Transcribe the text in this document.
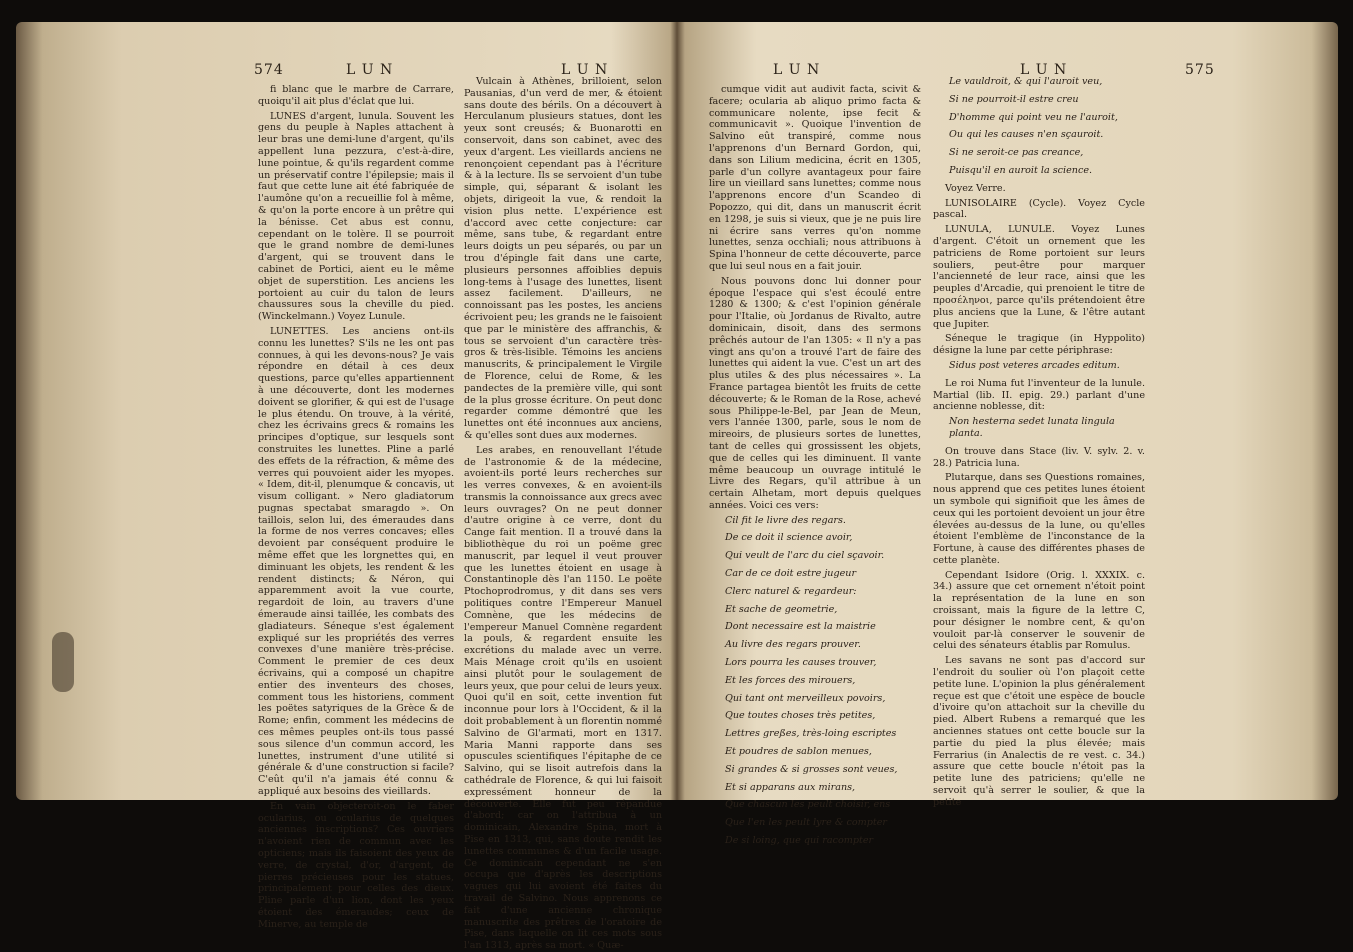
574	L U N	L U N

fi blanc que le marbre de Carrare, quoiqu'il ait plus d'éclat que lui.

LUNES d'argent, lunula. Souvent les gens du peuple à Naples attachent à leur bras une demi-lune d'argent, qu'ils appellent luna pezzura, c'est-à-dire, lune pointue, & qu'ils regardent comme un préservatif contre l'épilepsie; mais il faut que cette lune ait été fabriquée de l'aumône qu'on a recueillie fol à même, & qu'on la porte encore à un prêtre qui la bénisse. Cet abus est connu, cependant on le tolère. Il se pourroit que le grand nombre de demi-lunes d'argent, qui se trouvent dans le cabinet de Portici, aient eu le même objet de superstition. Les anciens les portoient au cuir du talon de leurs chaussures sous la cheville du pied. (Winckelmann.) Voyez Lunule.

LUNETTES. Les anciens ont-ils connu les lunettes? S'ils ne les ont pas connues, à qui les devons-nous? Je vais répondre en détail à ces deux questions, parce qu'elles appartiennent à une découverte, dont les modernes doivent se glorifier, & qui est de l'usage le plus étendu. On trouve, à la vérité, chez les écrivains grecs & romains les principes d'optique, sur lesquels sont construites les lunettes. Pline a parlé des effets de la réfraction, & même des verres qui pouvoient aider les myopes. « Idem, dit-il, plenumque & concavis, ut visum colligant. » Nero gladiatorum pugnas spectabat smaragdo ». On taillois, selon lui, des émeraudes dans la forme de nos verres concaves; elles devoient par conséquent produire le même effet que les lorgnettes qui, en diminuant les objets, les rendent & les rendent distincts; & Néron, qui apparemment avoit la vue courte, regardoit de loin, au travers d'une émeraude ainsi taillée, les combats des gladiateurs. Séneque s'est également expliqué sur les propriétés des verres convexes d'une manière très-précise. Comment le premier de ces deux écrivains, qui a composé un chapitre entier des inventeurs des choses, comment tous les historiens, comment les poëtes satyriques de la Grèce & de Rome; enfin, comment les médecins de ces mêmes peuples ont-ils tous passé sous silence d'un commun accord, les lunettes, instrument d'une utilité si générale & d'une construction si facile? C'eût qu'il n'a jamais été connu & appliqué aux besoins des vieillards.

En vain objecteroit-on le faber ocularius, ou ocularius de quelques anciennes inscriptions? Ces ouvriers n'avoient rien de commun avec les opticiens; mais ils faisoient des yeux de verre, de crystal, d'or, d'argent, de pierres précieuses pour les statues, principalement pour celles des dieux. Pline parle d'un lion, dont les yeux étoient des émeraudes; ceux de Minerve, au temple de

Vulcain à Athènes, brilloient, selon Pausanias, d'un verd de mer, & étoient sans doute des bérils. On a découvert à Herculanum plusieurs statues, dont les yeux sont creusés; & Buonarotti en conservoit, dans son cabinet, avec des yeux d'argent. Les vieillards anciens ne renonçoient cependant pas à l'écriture & à la lecture. Ils se servoient d'un tube simple, qui, séparant & isolant les objets, dirigeoit la vue, & rendoit la vision plus nette. L'expérience est d'accord avec cette conjecture: car même, sans tube, & regardant entre leurs doigts un peu séparés, ou par un trou d'épingle fait dans une carte, plusieurs personnes affoiblies depuis long-tems à l'usage des lunettes, lisent assez facilement. D'ailleurs, ne connoissant pas les postes, les anciens écrivoient peu; les grands ne le faisoient que par le ministère des affranchis, & tous se servoient d'un caractère très-gros & très-lisible. Témoins les anciens manuscrits, & principalement le Virgile de Florence, celui de Rome, & les pandectes de la première ville, qui sont de la plus grosse écriture. On peut donc regarder comme démontré que les lunettes ont été inconnues aux anciens, & qu'elles sont dues aux modernes.

Les arabes, en renouvellant l'étude de l'astronomie & de la médecine, avoient-ils porté leurs recherches sur les verres convexes, & en avoient-ils transmis la connoissance aux grecs avec leurs ouvrages? On ne peut donner d'autre origine à ce verre, dont du Cange fait mention. Il a trouvé dans la bibliothèque du roi un poëme grec manuscrit, par lequel il veut prouver que les lunettes étoient en usage à Constantinople dès l'an 1150. Le poëte Ptochoprodromus, y dit dans ses vers politiques contre l'Empereur Manuel Comnène, que les médecins de l'empereur Manuel Comnène regardent la pouls, & regardent ensuite les excrétions du malade avec un verre. Mais Ménage croit qu'ils en usoient ainsi plutôt pour le soulagement de leurs yeux, que pour celui de leurs yeux. Quoi qu'il en soit, cette invention fut inconnue pour lors à l'Occident, & il la doit probablement à un florentin nommé Salvino de Gl'armati, mort en 1317. Maria Manni rapporte dans ses opuscules scientifiques l'épitaphe de ce Salvino, qui se lisoit autrefois dans la cathédrale de Florence, & qui lui faisoit expressément honneur de la découverte. Elle fut peu répandue d'abord; car on l'attribua à un dominicain, Alexandre Spina, mort à Pise en 1313, qui, sans doute rendit les lunettes communes & d'un facile usage. Ce dominicain cependant ne s'en occupa que d'après les descriptions vagues qui lui avoient été faites du travail de Salvino. Nous apprenons ce fait d'une ancienne chronique manuscrite des prêtres de l'oratoire de Pise, dans laquelle on lit ces mots sous l'an 1313, après sa mort. « Quæ-

L U N	L U N	575

cumque vidit aut audivit facta, scivit & facere; ocularia ab aliquo primo facta & communicare nolente, ipse fecit & communicavit ». Quoique l'invention de Salvino eût transpiré, comme nous l'apprenons d'un Bernard Gordon, qui, dans son Lilium medicina, écrit en 1305, parle d'un collyre avantageux pour faire lire un vieillard sans lunettes; comme nous l'apprenons encore d'un Scandeo di Popozzo, qui dit, dans un manuscrit écrit en 1298, je suis si vieux, que je ne puis lire ni écrire sans verres qu'on nomme lunettes, senza occhiali; nous attribuons à Spina l'honneur de cette découverte, parce que lui seul nous en a fait jouir.

Nous pouvons donc lui donner pour époque l'espace qui s'est écoulé entre 1280 & 1300; & c'est l'opinion générale pour l'Italie, où Jordanus de Rivalto, autre dominicain, disoit, dans des sermons prêchés autour de l'an 1305: « Il n'y a pas vingt ans qu'on a trouvé l'art de faire des lunettes qui aident la vue. C'est un art des plus utiles & des plus nécessaires ». La France partagea bientôt les fruits de cette découverte; & le Roman de la Rose, achevé sous Philippe-le-Bel, par Jean de Meun, vers l'année 1300, parle, sous le nom de mireoirs, de plusieurs sortes de lunettes, tant de celles qui grossissent les objets, que de celles qui les diminuent. Il vante même beaucoup un ouvrage intitulé le Livre des Regars, qu'il attribue à un certain Alhetam, mort depuis quelques années. Voici ces vers:

Cil fit le livre des regars.

De ce doit il science avoir,

Qui veult de l'arc du ciel sçavoir.

Car de ce doit estre jugeur

Clerc naturel & regardeur:

Et sache de geometrie,

Dont necessaire est la maistrie

Au livre des regars prouver.

Lors pourra les causes trouver,

Et les forces des mirouers,

Qui tant ont merveilleux povoirs,

Que toutes choses très petites,

Lettres greßes, très-loing escriptes

Et poudres de sablon menues,

Si grandes & si grosses sont veues,

Et si apparans aux mirans,

Que chascun les peult choisir, ens

Que l'en les peult lyre & compter

De si loing, que qui racompter

Le vauldroit, & qui l'auroit veu,

Si ne pourroit-il estre creu

D'homme qui point veu ne l'auroit,

Ou qui les causes n'en sçauroit.

Si ne seroit-ce pas creance,

Puisqu'il en auroit la science.

Voyez Verre.

LUNISOLAIRE (Cycle). Voyez Cycle pascal.

LUNULA, LUNULE. Voyez Lunes d'argent. C'étoit un ornement que les patriciens de Rome portoient sur leurs souliers, peut-être pour marquer l'ancienneté de leur race, ainsi que les peuples d'Arcadie, qui prenoient le titre de προσέληνοι, parce qu'ils prétendoient être plus anciens que la Lune, & l'être autant que Jupiter.

Séneque le tragique (in Hyppolito) désigne la lune par cette périphrase:

Sidus post veteres arcades editum.

Le roi Numa fut l'inventeur de la lunule. Martial (lib. II. epig. 29.) parlant d'une ancienne noblesse, dit:

Non hesterna sedet lunata lingula planta.

On trouve dans Stace (liv. V. sylv. 2. v. 28.) Patricia luna.

Plutarque, dans ses Questions romaines, nous apprend que ces petites lunes étoient un symbole qui signifioit que les âmes de ceux qui les portoient devoient un jour être élevées au-dessus de la lune, ou qu'elles étoient l'emblème de l'inconstance de la Fortune, à cause des différentes phases de cette planète.

Cependant Isidore (Orig. l. XXXIX. c. 34.) assure que cet ornement n'étoit point la représentation de la lune en son croissant, mais la figure de la lettre C, pour désigner le nombre cent, & qu'on vouloit par-là conserver le souvenir de celui des sénateurs établis par Romulus.

Les savans ne sont pas d'accord sur l'endroit du soulier où l'on plaçoit cette petite lune. L'opinion la plus généralement reçue est que c'étoit une espèce de boucle d'ivoire qu'on attachoit sur la cheville du pied. Albert Rubens a remarqué que les anciennes statues ont cette boucle sur la partie du pied la plus élevée; mais Ferrarius (in Analectis de re vest. c. 34.) assure que cette boucle n'étoit pas la petite lune des patriciens; qu'elle ne servoit qu'à serrer le soulier, & que la petite
